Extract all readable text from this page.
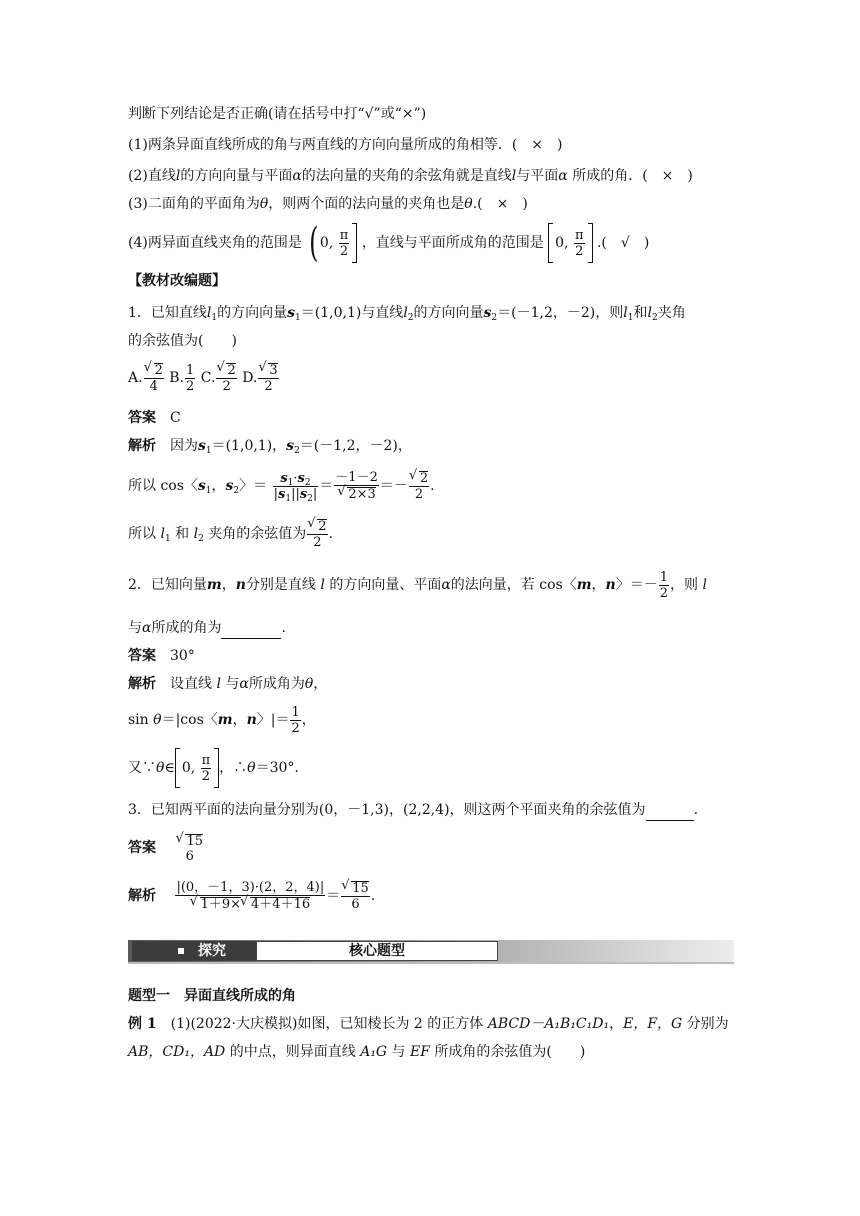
判断下列结论是否正确(请在括号中打“√”或“×”)
(1)两条异面直线所成的角与两直线的方向向量所成的角相等．(　×　)
(2)直线l的方向向量与平面α的法向量的夹角的余弦角就是直线l与平面α 所成的角．(　×　)
(3)二面角的平面角为θ，则两个面的法向量的夹角也是θ.(　×　)
(4)两异面直线夹角的范围是 (0, $\frac{\pi}{2}$ ，直线与平面所成角的范围是 0, $\frac{\pi}{2}$ .(　√　)
【教材改编题】
1．已知直线$l_1$的方向向量$s_1=(1,0,1)$与直线$l_2$的方向向量$s_2=(-1,2$，－2)，则$l_1$和$l_2$夹角
的余弦值为(　　)
A. √ $\frac{2}{4} B$. $\frac{1}{2} C$. √ $\frac{2}{2} D$. √ $\frac{3}{2}$
答案　 C
解析　 因为$s_1=(1,0,1)$，$s_2=(-1,2$，－2)，
所以 cos〈$s_1$，$s_2$〉＝ $\frac{s_1\cdot s_2}{|s_1||s_2|} = -1-2$
√ 2×3 ＝－ √ $\frac{2}{2}$ .
所以 $l_1$ 和 $l_2$ 夹角的余弦值为 √ $\frac{2}{2}$ .
2．已知向量m，n分别是直线 l 的方向向量、平面α的法向量，若 cos〈m，n〉＝－ $\frac{1}{2}$ ，则 l
与α所成的角为	.
答案　 30°
解析　 设直线 l 与α所成角为θ，
sin θ＝|cos〈m，n〉|＝ $\frac{1}{2}$ ，
又∵θ∈ 0, $\frac{\pi}{2}$ ，∴θ＝30°.
3．已知两平面的法向量分别为(0，－1,3)，(2,2,4)，则这两个平面夹角的余弦值为	.
答案　	√ 15
6
解析　 |(0，－1，3)·(2，2，4)|
√ 1＋9× √ 4＋4＋16 ＝ √ $\frac{15}{6}$ .
探究	核心题型
题型一　异面直线所成的角
例 1　 (1)(2022·大庆模拟)如图，已知棱长为 2 的正方体 ABCD－A₁B₁C₁D₁，E，F，G 分别为
AB，CD₁，AD 的中点，则异面直线 A₁G 与 EF 所成角的余弦值为(　　)
